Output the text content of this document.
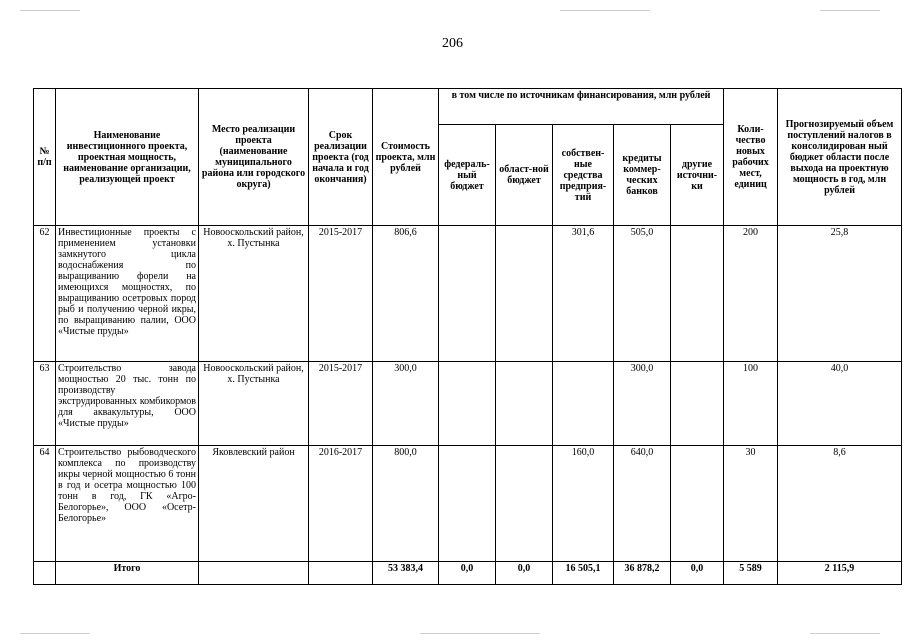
206
№
п/п	Наименование инвестиционного проекта, проектная мощность, наименование организации, реализующей проект	Место реализации проекта (наименование муниципального района или городского округа)	Срок реализации проекта (год начала и год окончания)	Стоимость проекта, млн рублей	в том числе по источникам финансирования, млн рублей					Коли-чество новых рабочих мест, единиц	Прогнозируемый объем поступлений налогов в консолидирован ный бюджет области после выхода на проектную мощность в год, млн рублей
					федераль-ный бюджет	област-ной бюджет	собствен-ные средства предприя-тий	кредиты коммер-ческих банков	другие источни-ки		
62	Инвестиционные проекты с применением установки замкнутого цикла водоснабжения по выращиванию форели на имеющихся мощностях, по выращиванию осетровых пород рыб и получению черной икры, по выращиванию палии, ООО «Чистые пруды»	Новооскольский район, х. Пустынка	2015-2017	806,6			301,6	505,0		200	25,8
63	Строительство завода мощностью 20 тыс. тонн по производству экструдированных комбикормов для аквакультуры, ООО «Чистые пруды»	Новооскольский район, х. Пустынка	2015-2017	300,0				300,0		100	40,0
64	Строительство рыбоводческого комплекса по производству икры черной мощностью 6 тонн в год и осетра мощностью 100 тонн в год, ГК «Агро-Белогорье», ООО «Осетр-Белогорье»	Яковлевский район	2016-2017	800,0			160,0	640,0		30	8,6
	Итого			53 383,4	0,0	0,0	16 505,1	36 878,2	0,0	5 589	2 115,9
